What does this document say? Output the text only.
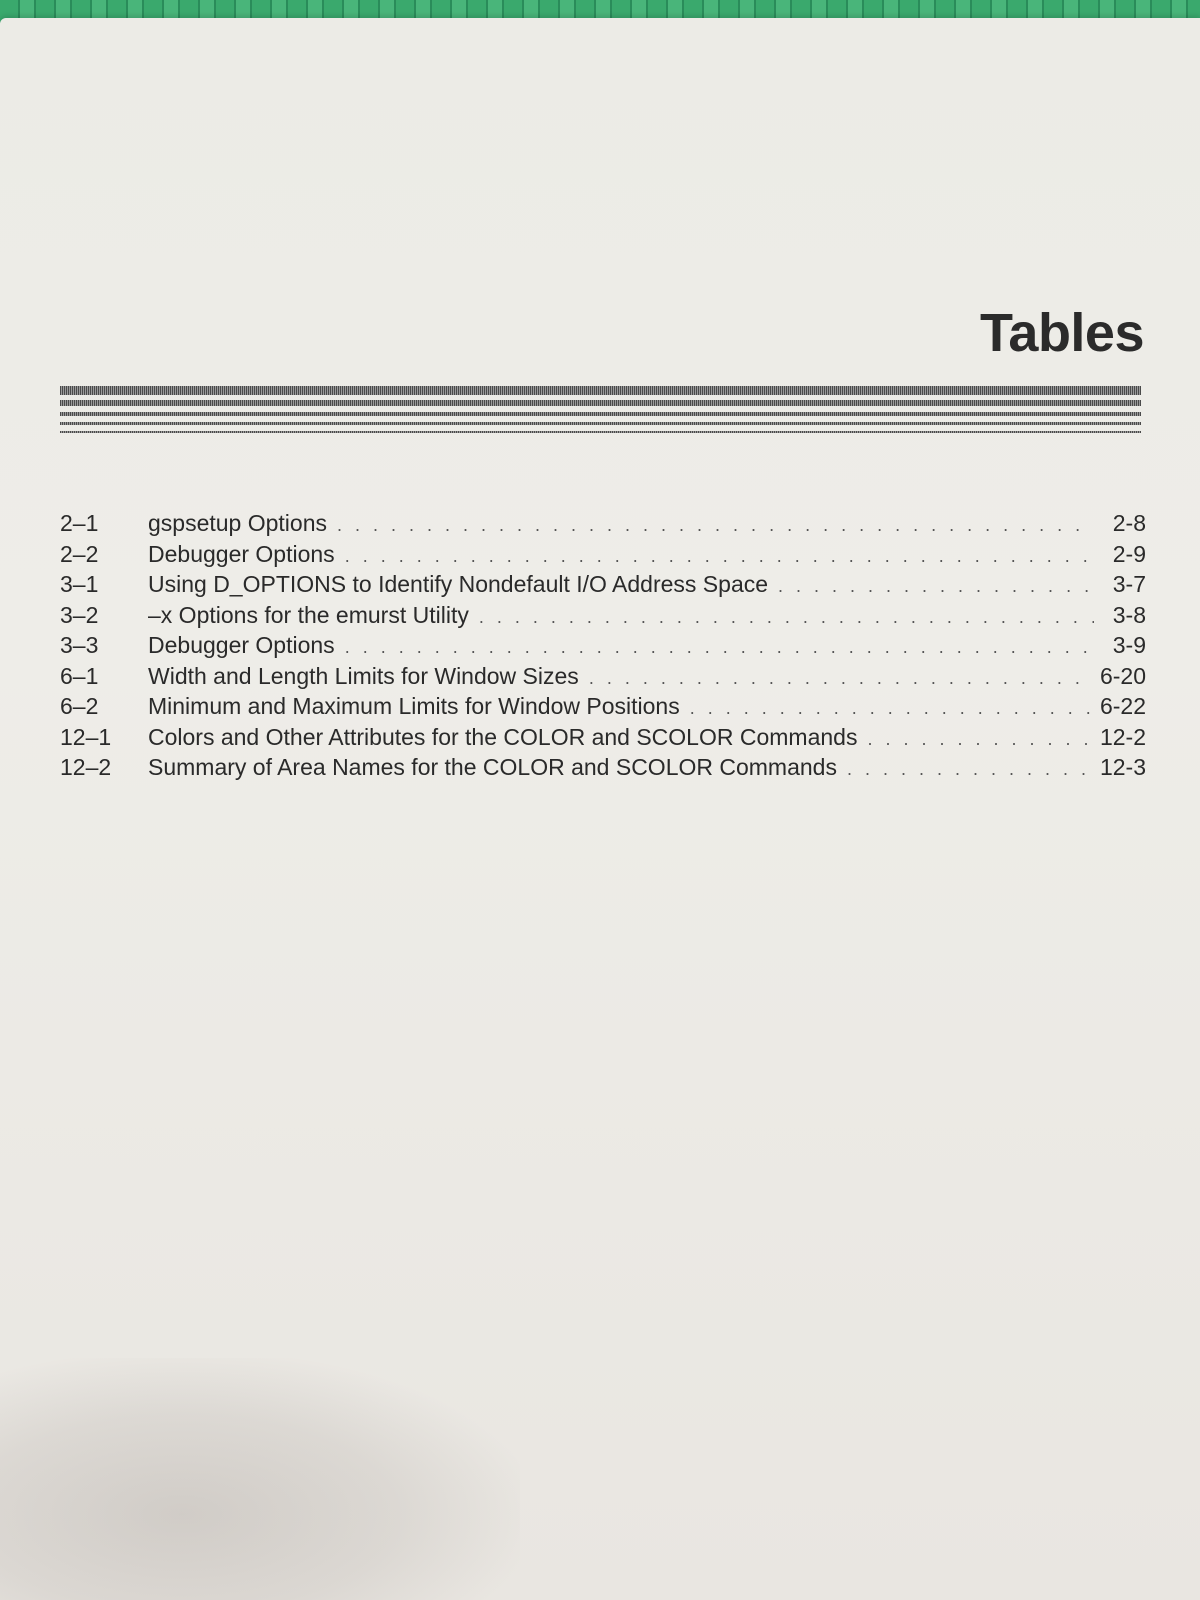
Tables
2–1	gspsetup Options . . .	2-8
2–2	Debugger Options . . .	2-9
3–1	Using D_OPTIONS to Identify Nondefault I/O Address Space . . .	3-7
3–2	–x Options for the emurst Utility . . .	3-8
3–3	Debugger Options . . .	3-9
6–1	Width and Length Limits for Window Sizes . . .	6-20
6–2	Minimum and Maximum Limits for Window Positions . . .	6-22
12–1	Colors and Other Attributes for the COLOR and SCOLOR Commands . . .	12-2
12–2	Summary of Area Names for the COLOR and SCOLOR Commands . . .	12-3
